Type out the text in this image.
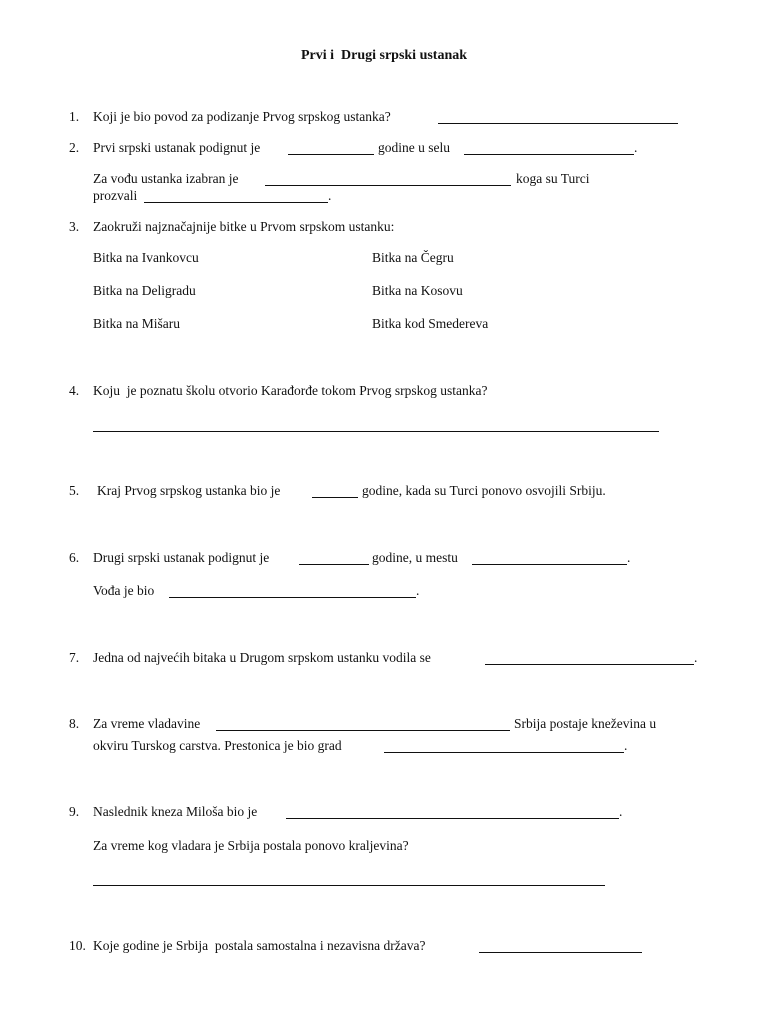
Prvi i  Drugi srpski ustanak
1. Koji je bio povod za podizanje Prvog srpskog ustanka?
2. Prvi srpski ustanak podignut je	godine u selu	.
Za vođu ustanka izabran je	koga su Turci
prozvali	.
3. Zaokruži najznačajnije bitke u Prvom srpskom ustanku:
Bitka na Ivankovcu	Bitka na Čegru
Bitka na Deligradu	Bitka na Kosovu
Bitka na Mišaru	Bitka kod Smedereva
4. Koju  je poznatu školu otvorio Karađorđe tokom Prvog srpskog ustanka?
5. Kraj Prvog srpskog ustanka bio je	godine, kada su Turci ponovo osvojili Srbiju.
6. Drugi srpski ustanak podignut je	godine, u mestu	.
Vođa je bio	.
7. Jedna od najvećih bitaka u Drugom srpskom ustanku vodila se	.
8. Za vreme vladavine	Srbija postaje kneževina u
okviru Turskog carstva. Prestonica je bio grad	.
9. Naslednik kneza Miloša bio je	.
Za vreme kog vladara je Srbija postala ponovo kraljevina?
10. Koje godine je Srbija  postala samostalna i nezavisna država?
